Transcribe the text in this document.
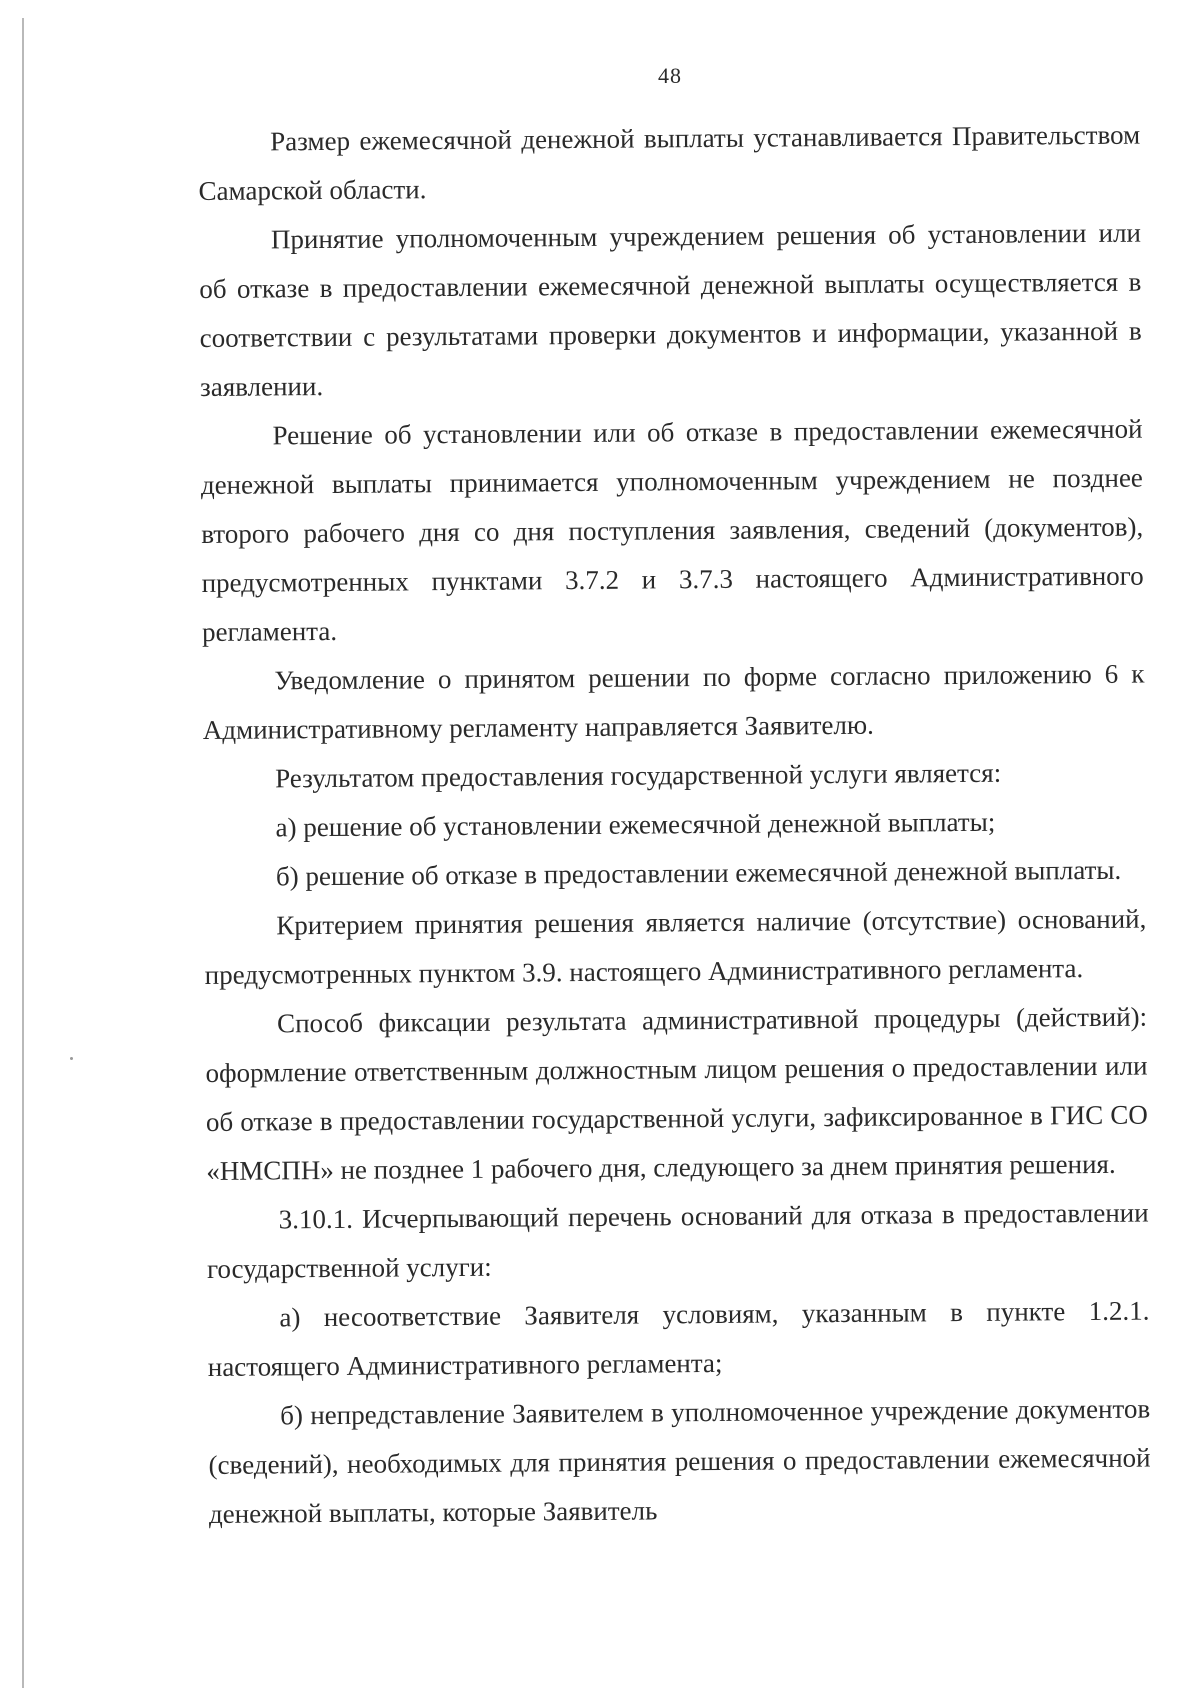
48

Размер ежемесячной денежной выплаты устанавливается Правительством Самарской области.

Принятие уполномоченным учреждением решения об установлении или об отказе в предоставлении ежемесячной денежной выплаты осуществляется в соответствии с результатами проверки документов и информации, указанной в заявлении.

Решение об установлении или об отказе в предоставлении ежемесячной денежной выплаты принимается уполномоченным учреждением не позднее второго рабочего дня со дня поступления заявления, сведений (документов), предусмотренных пунктами 3.7.2 и 3.7.3 настоящего Административного регламента.

Уведомление о принятом решении по форме согласно приложению 6 к Административному регламенту направляется Заявителю.

Результатом предоставления государственной услуги является:

а) решение об установлении ежемесячной денежной выплаты;

б) решение об отказе в предоставлении ежемесячной денежной выплаты.

Критерием принятия решения является наличие (отсутствие) оснований, предусмотренных пунктом 3.9. настоящего Административного регламента.

Способ фиксации результата административной процедуры (действий): оформление ответственным должностным лицом решения о предоставлении или об отказе в предоставлении государственной услуги, зафиксированное в ГИС СО «НМСПН» не позднее 1 рабочего дня, следующего за днем принятия решения.

3.10.1. Исчерпывающий перечень оснований для отказа в предоставлении государственной услуги:

а) несоответствие Заявителя условиям, указанным в пункте 1.2.1. настоящего Административного регламента;

б) непредставление Заявителем в уполномоченное учреждение документов (сведений), необходимых для принятия решения о предоставлении ежемесячной денежной выплаты, которые Заявитель
